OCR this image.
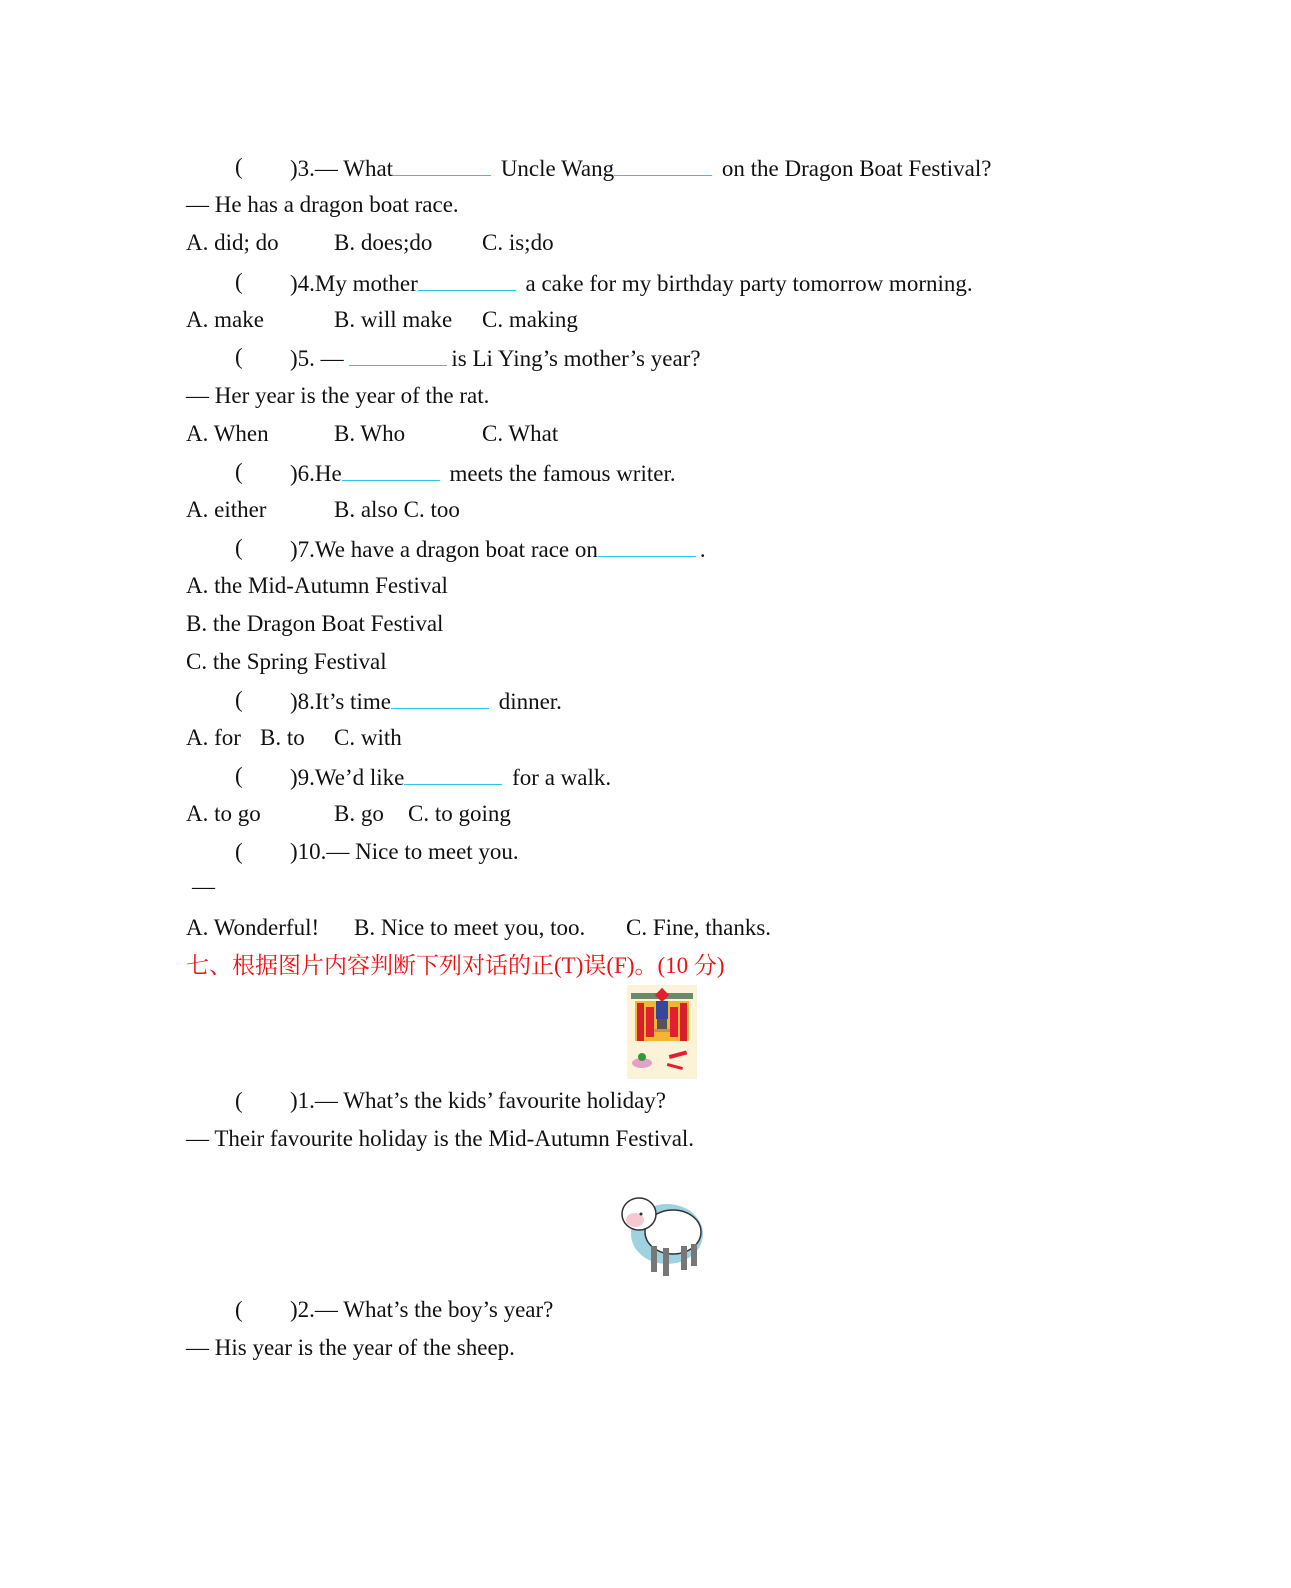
( )3.— What	Uncle Wang	on the Dragon Boat Festival?
— He has a dragon boat race.
A. did; do B. does;do C. is;do
( )4.My mother	a cake for my birthday party tomorrow morning.
A. make	B. will make C. making
( )5. —	is Li Ying’s mother’s year?
— Her year is the year of the rat.
A. When	B. Who	C. What
( )6.He	meets the famous writer.
A. either	B. also C. too
( )7.We have a dragon boat race on	.
A. the Mid-Autumn Festival
B. the Dragon Boat Festival
C. the Spring Festival
( )8.It’s time	dinner.
A. for B. to C. with
( )9.We’d like	for a walk.
A. to go	B. go C. to going
( )10.— Nice to meet you.
—
A. Wonderful! B. Nice to meet you, too. C. Fine, thanks.
七、根据图片内容判断下列对话的正(T)误(F)。(10 分)
( )1.— What’s the kids’ favourite holiday?
— Their favourite holiday is the Mid-Autumn Festival.
( )2.— What’s the boy’s year?
— His year is the year of the sheep.
